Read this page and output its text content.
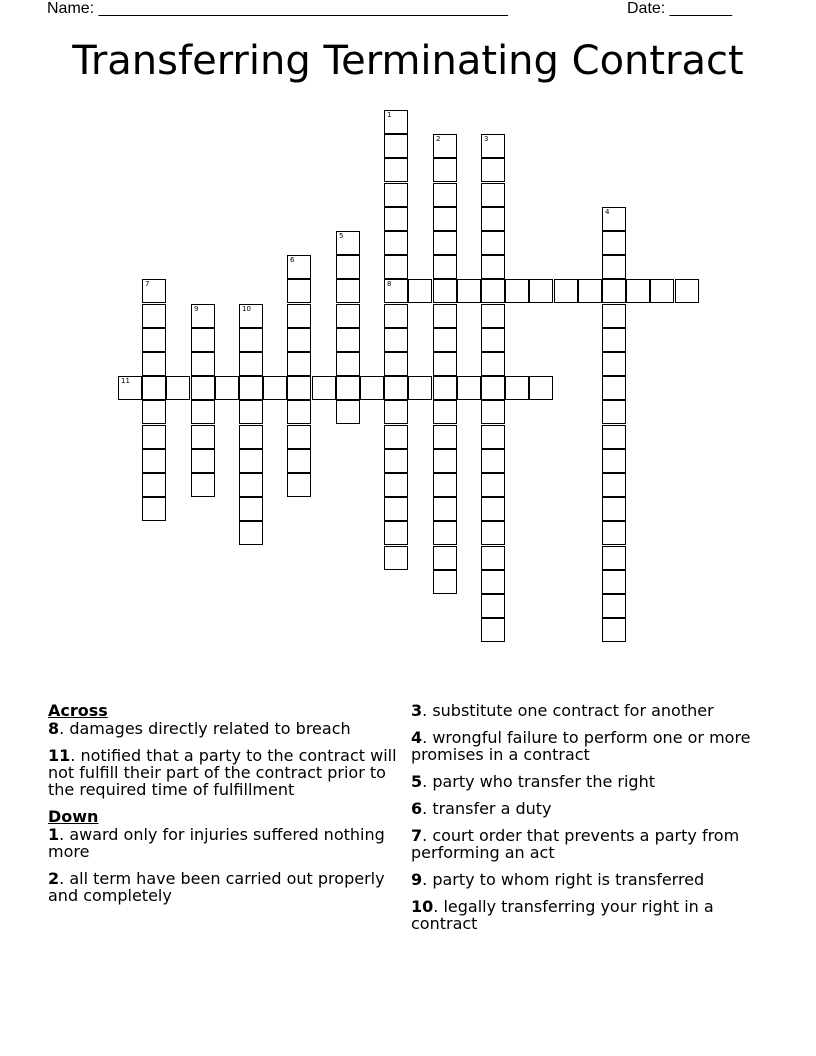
Name: ______________________________________________	Date: _______
Transferring Terminating Contract
1
8
2	3
4
5
6
7
9	10
11
Across
8. damages directly related to breach
11. notified that a party to the contract will not fulfill their part of the contract prior to the required time of fulfillment
Down
1. award only for injuries suffered nothing more
2. all term have been carried out properly and completely
3. substitute one contract for another
4. wrongful failure to perform one or more promises in a contract
5. party who transfer the right
6. transfer a duty
7. court order that prevents a party from performing an act
9. party to whom right is transferred
10. legally transferring your right in a contract
